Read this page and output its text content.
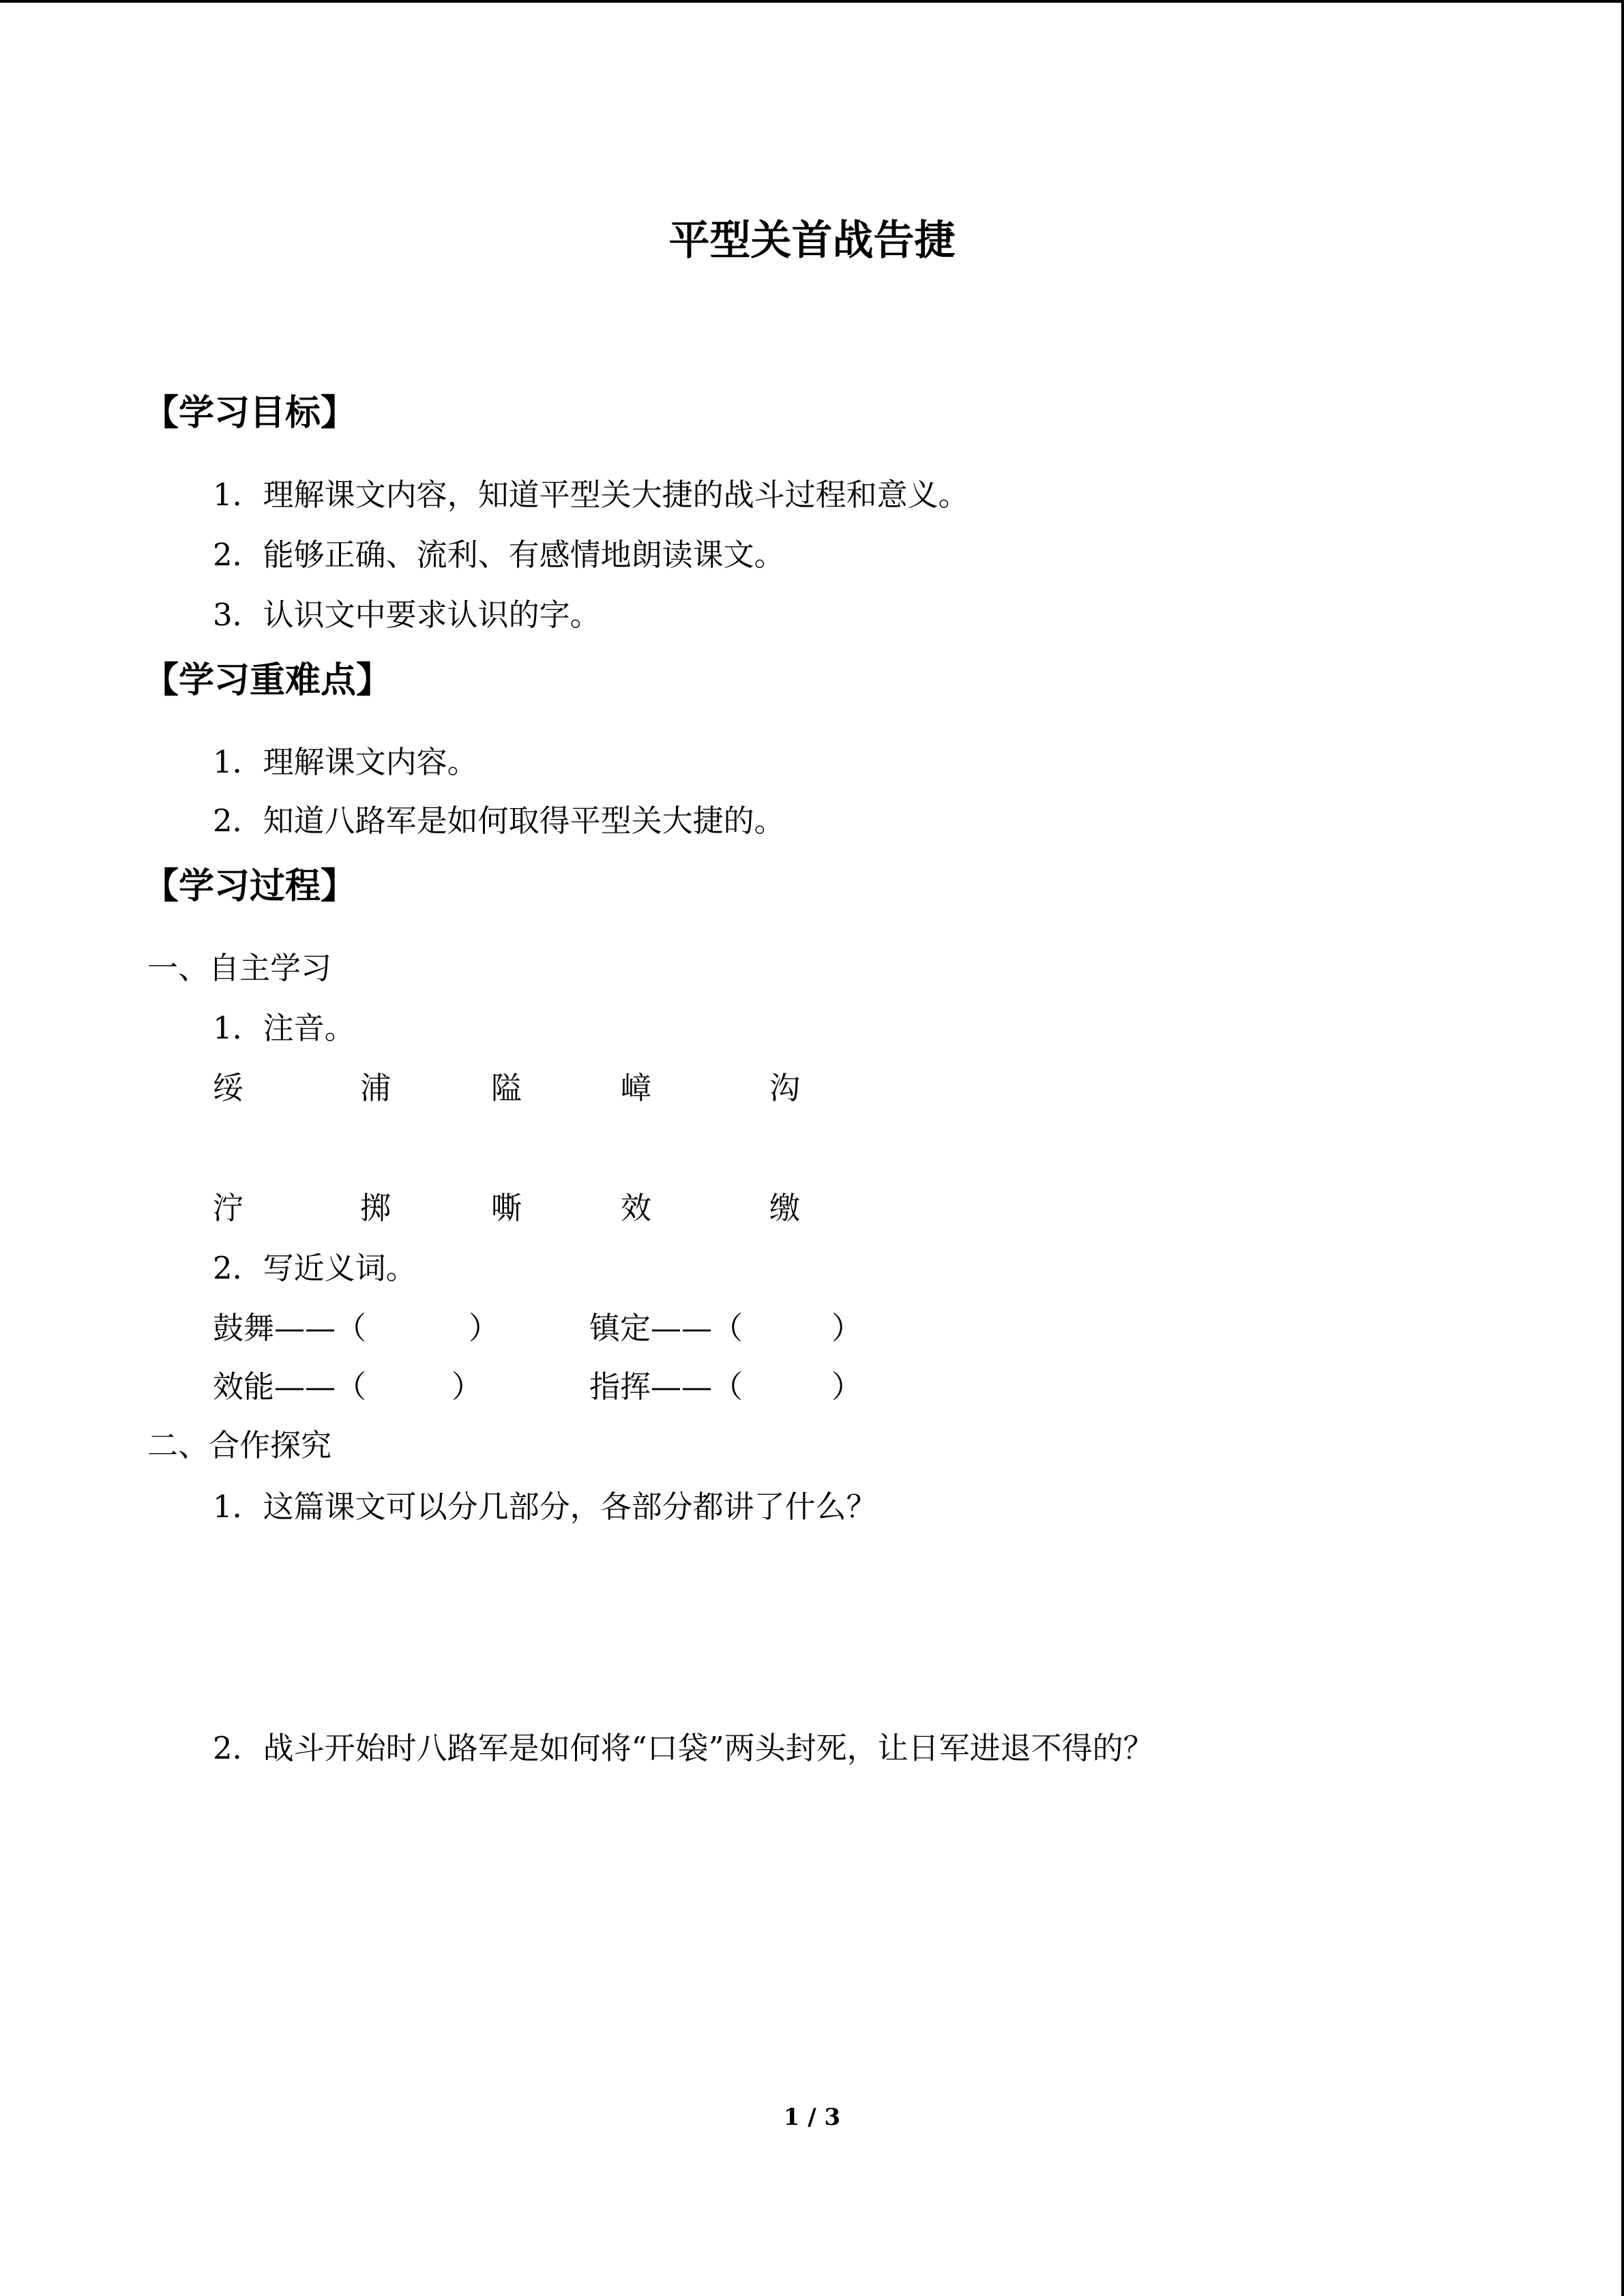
平型关首战告捷
【学习目标】
1．理解课文内容，知道平型关大捷的战斗过程和意义。
2．能够正确、流利、有感情地朗读课文。
3．认识文中要求认识的字。
【学习重难点】
1．理解课文内容。
2．知道八路军是如何取得平型关大捷的。
【学习过程】
一、自主学习
1．注音。
绥	浦	隘	嶂	沟
泞	掷	嘶	效	缴
2．写近义词。
鼓舞——（	）	镇定——（	）
效能——（	）	指挥——（	）
二、合作探究
1．这篇课文可以分几部分，各部分都讲了什么？
2．战斗开始时八路军是如何将“口袋”两头封死，让日军进退不得的？
1 / 3
